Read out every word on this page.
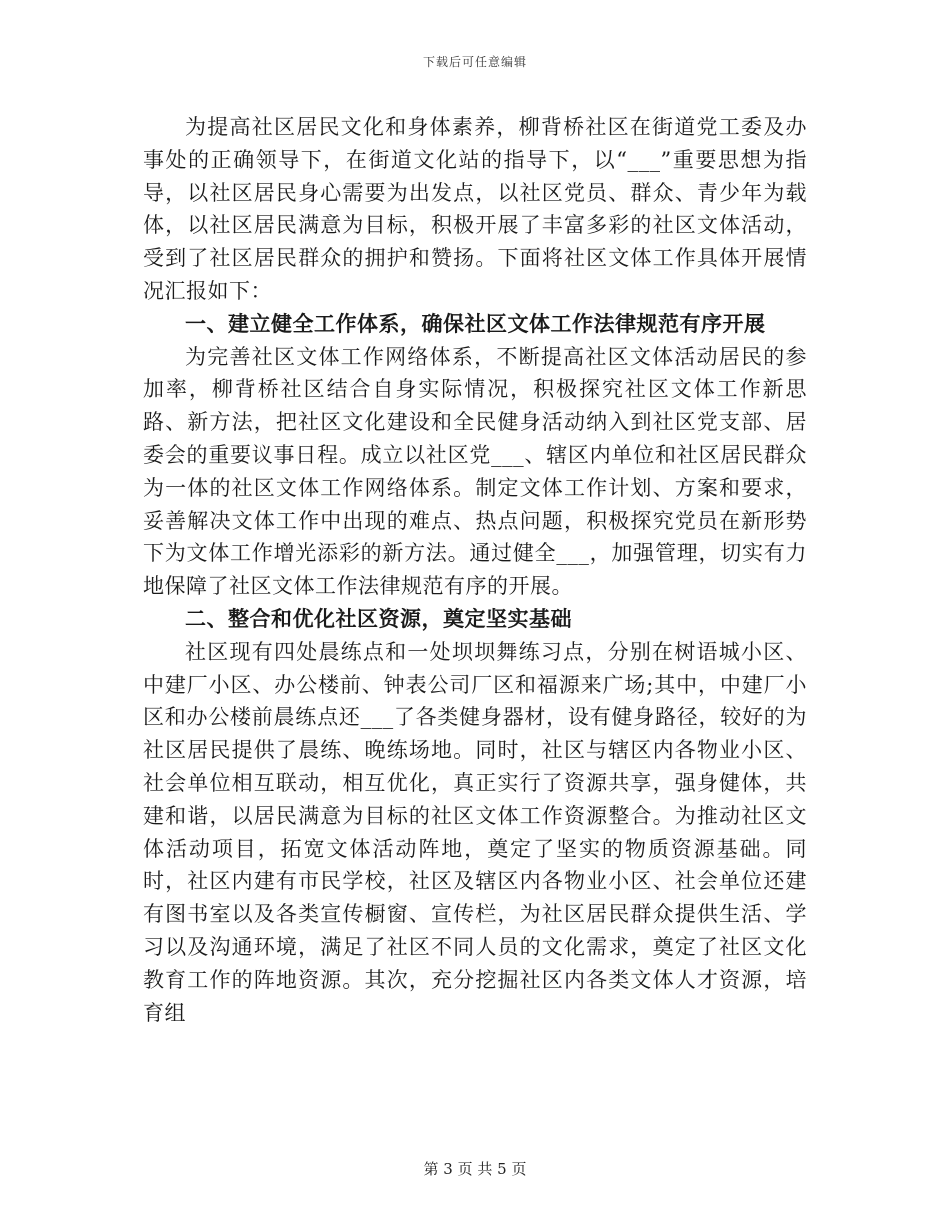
下载后可任意编辑

为提高社区居民文化和身体素养，柳背桥社区在街道党工委及办事处的正确领导下，在街道文化站的指导下，以“___”重要思想为指导，以社区居民身心需要为出发点，以社区党员、群众、青少年为载体，以社区居民满意为目标，积极开展了丰富多彩的社区文体活动，受到了社区居民群众的拥护和赞扬。下面将社区文体工作具体开展情况汇报如下：

一、建立健全工作体系，确保社区文体工作法律规范有序开展

为完善社区文体工作网络体系，不断提高社区文体活动居民的参加率，柳背桥社区结合自身实际情况，积极探究社区文体工作新思路、新方法，把社区文化建设和全民健身活动纳入到社区党支部、居委会的重要议事日程。成立以社区党___、辖区内单位和社区居民群众为一体的社区文体工作网络体系。制定文体工作计划、方案和要求，妥善解决文体工作中出现的难点、热点问题，积极探究党员在新形势下为文体工作增光添彩的新方法。通过健全___，加强管理，切实有力地保障了社区文体工作法律规范有序的开展。

二、整合和优化社区资源，奠定坚实基础

社区现有四处晨练点和一处坝坝舞练习点，分别在树语城小区、中建厂小区、办公楼前、钟表公司厂区和福源来广场;其中，中建厂小区和办公楼前晨练点还___了各类健身器材，设有健身路径，较好的为社区居民提供了晨练、晚练场地。同时，社区与辖区内各物业小区、社会单位相互联动，相互优化，真正实行了资源共享，强身健体，共建和谐，以居民满意为目标的社区文体工作资源整合。为推动社区文体活动项目，拓宽文体活动阵地，奠定了坚实的物质资源基础。同时，社区内建有市民学校，社区及辖区内各物业小区、社会单位还建有图书室以及各类宣传橱窗、宣传栏，为社区居民群众提供生活、学习以及沟通环境，满足了社区不同人员的文化需求，奠定了社区文化教育工作的阵地资源。其次，充分挖掘社区内各类文体人才资源，培育组

第 3 页 共 5 页
